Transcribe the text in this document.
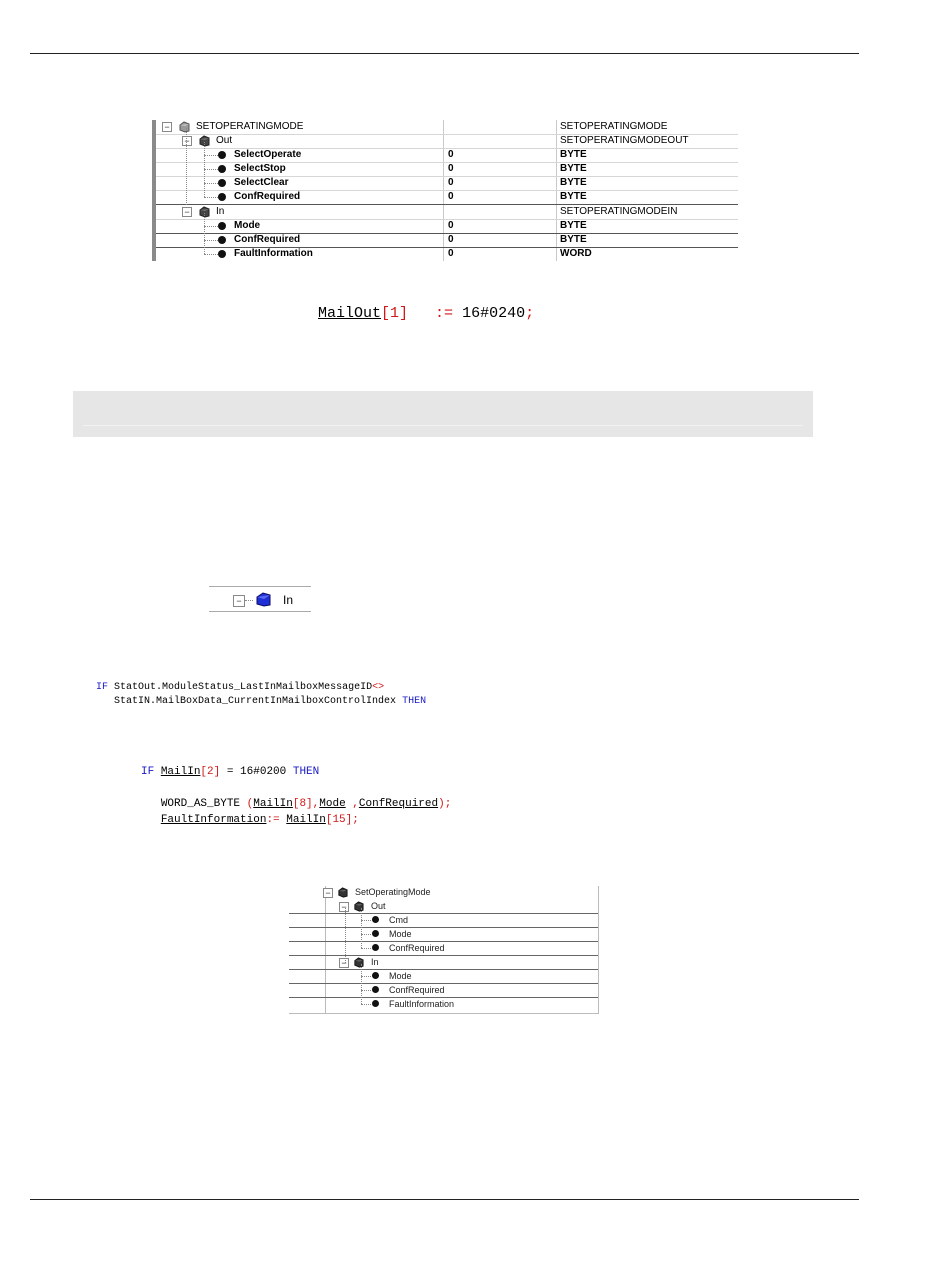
−	SETOPERATINGMODE	SETOPERATINGMODE
−	Out	SETOPERATINGMODEOUT
SelectOperate	0	BYTE
SelectStop	0	BYTE
SelectClear	0	BYTE
ConfRequired	0	BYTE
−	In	SETOPERATINGMODEIN
Mode	0	BYTE
ConfRequired	0	BYTE
FaultInformation	0	WORD

MailOut[1] := 16#0240;
−	In

IF StatOut.ModuleStatus_LastInMailboxMessageID<>
StatIN.MailBoxData_CurrentInMailboxControlIndex THEN

IF MailIn[2] = 16#0200 THEN

WORD_AS_BYTE (MailIn[8],Mode ,ConfRequired);
FaultInformation:= MailIn[15];
−	SetOperatingMode
−	Out
Cmd
Mode
ConfRequired
−	In
Mode
ConfRequired
FaultInformation
